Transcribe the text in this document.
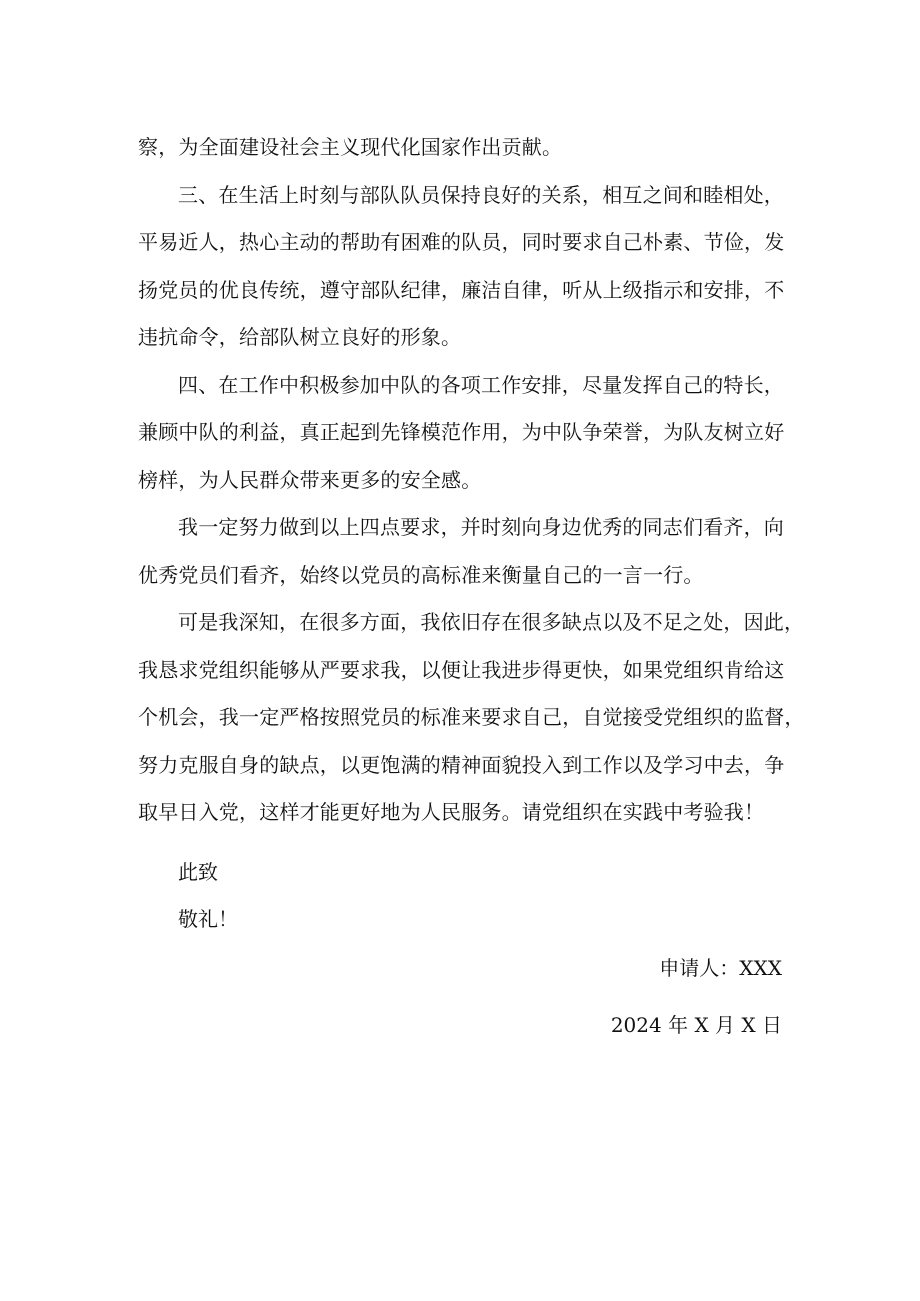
察，为全面建设社会主义现代化国家作出贡献。
三、在生活上时刻与部队队员保持良好的关系，相互之间和睦相处，
平易近人，热心主动的帮助有困难的队员，同时要求自己朴素、节俭，发
扬党员的优良传统，遵守部队纪律，廉洁自律，听从上级指示和安排，不
违抗命令，给部队树立良好的形象。
四、在工作中积极参加中队的各项工作安排，尽量发挥自己的特长，
兼顾中队的利益，真正起到先锋模范作用，为中队争荣誉，为队友树立好
榜样，为人民群众带来更多的安全感。
我一定努力做到以上四点要求，并时刻向身边优秀的同志们看齐，向
优秀党员们看齐，始终以党员的高标准来衡量自己的一言一行。
可是我深知，在很多方面，我依旧存在很多缺点以及不足之处，因此，
我恳求党组织能够从严要求我，以便让我进步得更快，如果党组织肯给这
个机会，我一定严格按照党员的标准来要求自己，自觉接受党组织的监督，
努力克服自身的缺点，以更饱满的精神面貌投入到工作以及学习中去，争
取早日入党，这样才能更好地为人民服务。请党组织在实践中考验我！
此致
敬礼！
申请人：XXX
2024 年 X 月 X 日
